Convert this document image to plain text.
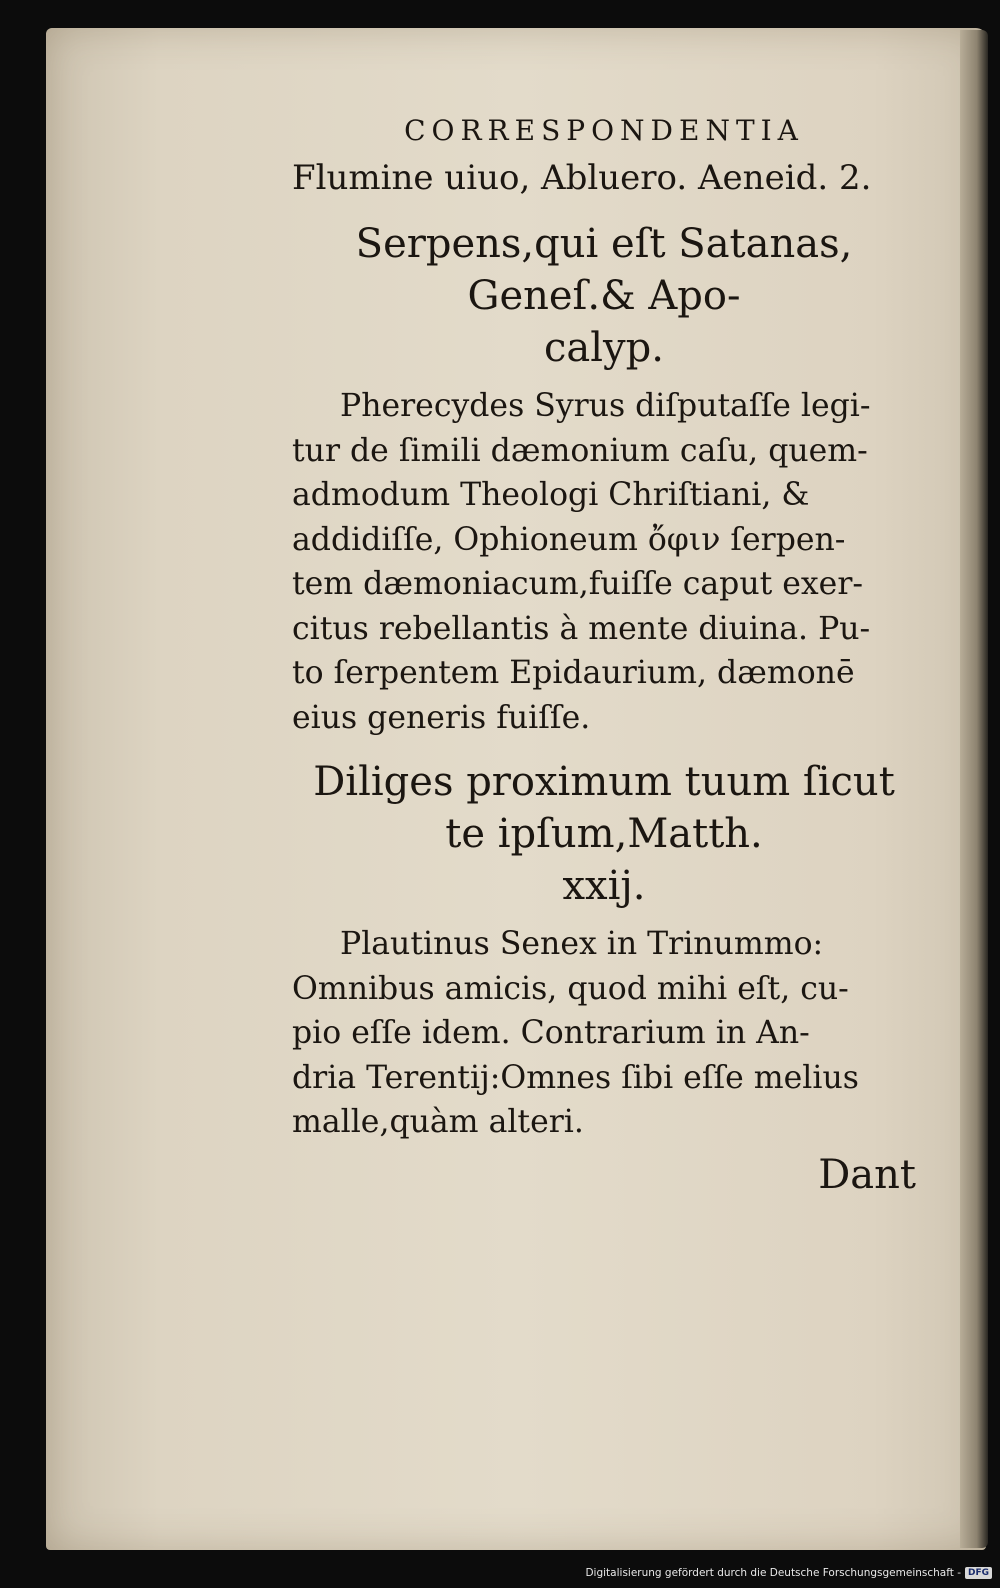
CORRESPONDENTIA

Flumine uiuo, Abluero. Aeneid. 2.

Serpens,qui eſt Satanas,
Geneſ.& Apo-
calyp.

Pherecydes Syrus diſputaſſe legi-
tur de ſimili dæmonium caſu, quem-
admodum Theologi Chriſtiani, &
addidiſſe, Ophioneum ὄφιν ſerpen-
tem dæmoniacum,fuiſſe caput exer-
citus rebellantis à mente diuina. Pu-
to ſerpentem Epidaurium, dæmonē
eius generis fuiſſe.

Diliges proximum tuum ſicut
te ipſum,Matth.
xxij.

Plautinus Senex in Trinummo:
Omnibus amicis, quod mihi eſt, cu-
pio eſſe idem. Contrarium in An-
dria Terentij:Omnes ſibi eſſe melius
malle,quàm alteri.

Dant

Digitalisierung gefördert durch die Deutsche Forschungsgemeinschaft - DFG
